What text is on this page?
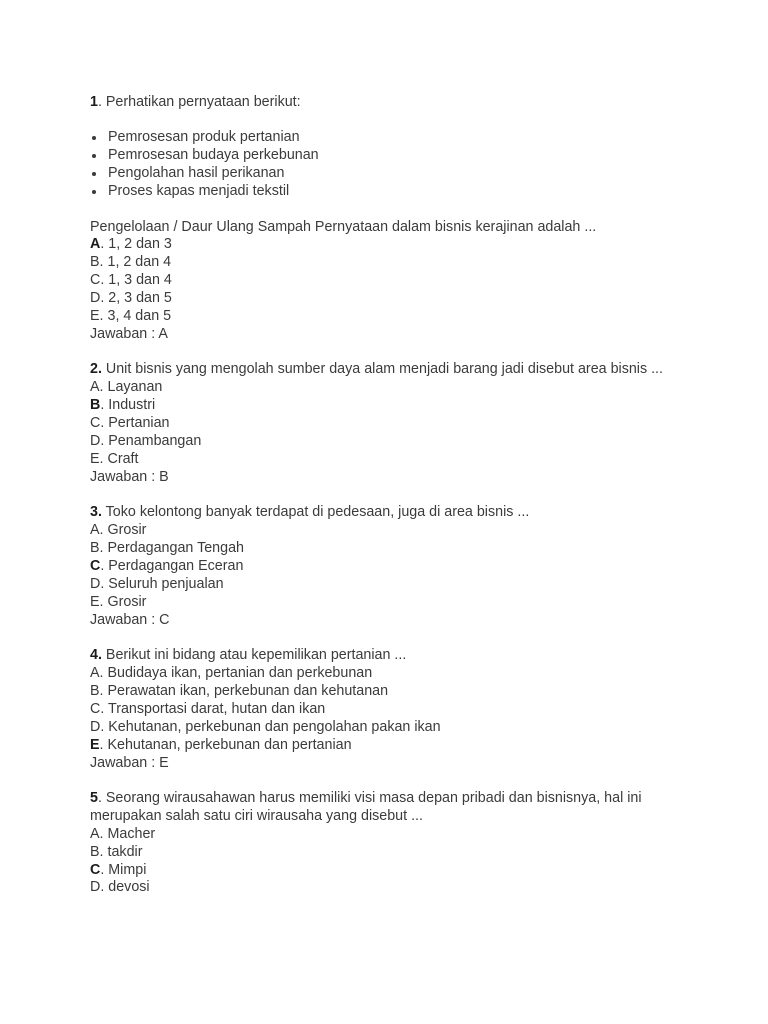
1. Perhatikan pernyataan berikut:
Pemrosesan produk pertanian
Pemrosesan budaya perkebunan
Pengolahan hasil perikanan
Proses kapas menjadi tekstil
Pengelolaan / Daur Ulang Sampah Pernyataan dalam bisnis kerajinan adalah ...
A. 1, 2 dan 3
B. 1, 2 dan 4
C. 1, 3 dan 4
D. 2, 3 dan 5
E. 3, 4 dan 5
Jawaban : A
2. Unit bisnis yang mengolah sumber daya alam menjadi barang jadi disebut area bisnis ...
A. Layanan
B. Industri
C. Pertanian
D. Penambangan
E. Craft
Jawaban : B
3. Toko kelontong banyak terdapat di pedesaan, juga di area bisnis ...
A. Grosir
B. Perdagangan Tengah
C. Perdagangan Eceran
D. Seluruh penjualan
E. Grosir
Jawaban : C
4. Berikut ini bidang atau kepemilikan pertanian ...
A. Budidaya ikan, pertanian dan perkebunan
B. Perawatan ikan, perkebunan dan kehutanan
C. Transportasi darat, hutan dan ikan
D. Kehutanan, perkebunan dan pengolahan pakan ikan
E. Kehutanan, perkebunan dan pertanian
Jawaban : E
5. Seorang wirausahawan harus memiliki visi masa depan pribadi dan bisnisnya, hal ini merupakan salah satu ciri wirausaha yang disebut ...
A. Macher
B. takdir
C. Mimpi
D. devosi
